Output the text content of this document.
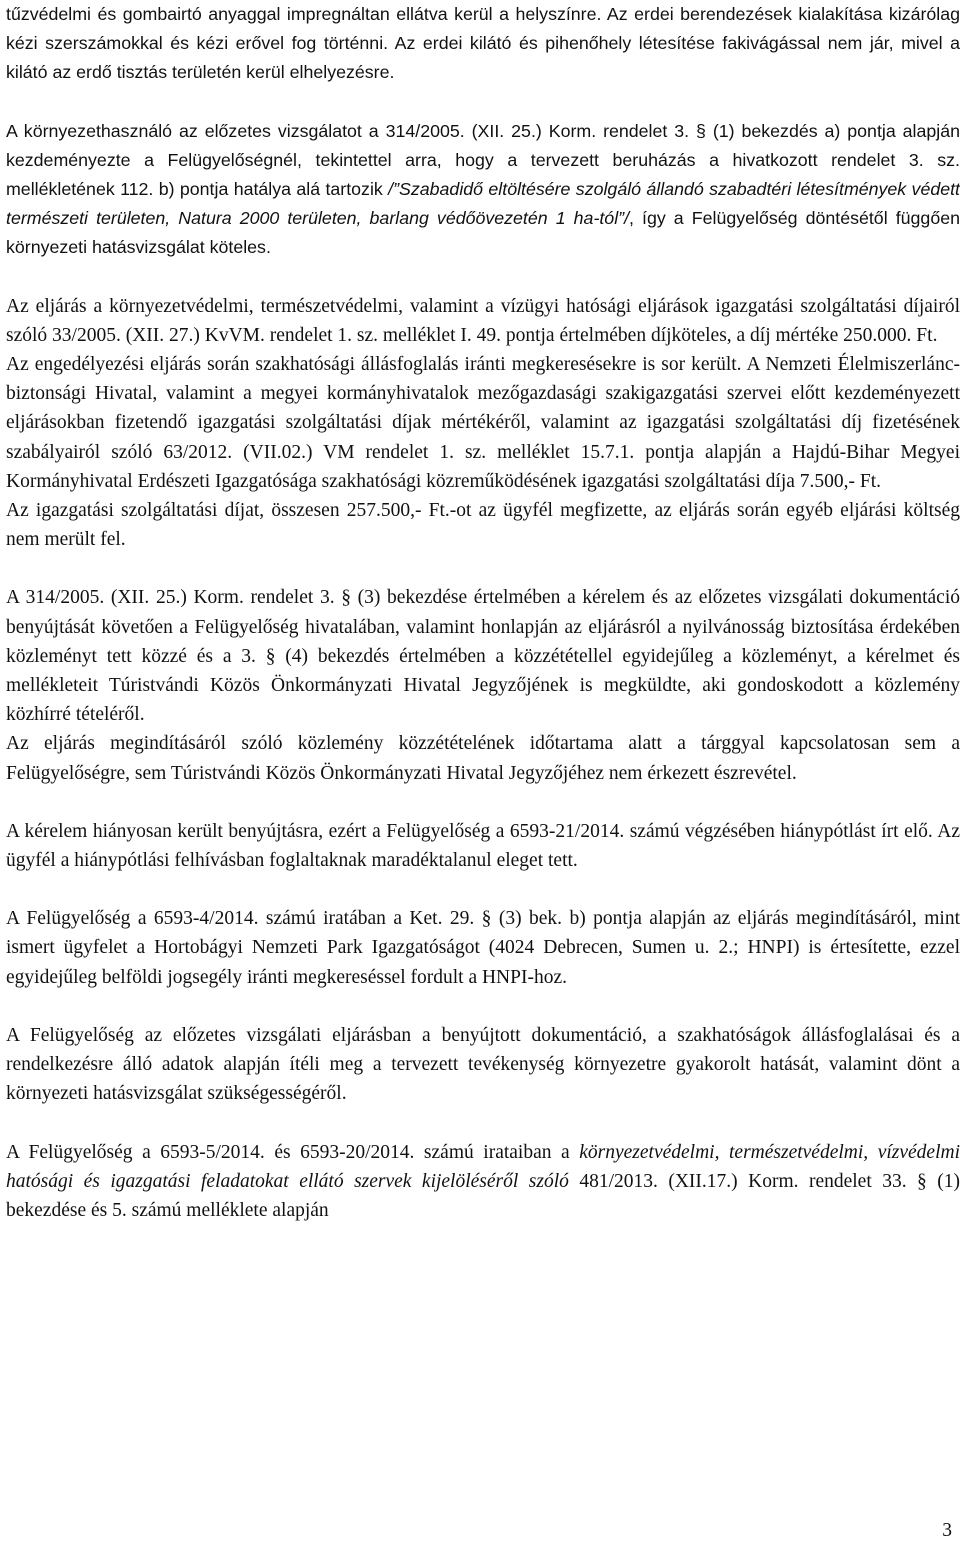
tűzvédelmi és gombairtó anyaggal impregnáltan ellátva kerül a helyszínre. Az erdei berendezések kialakítása kizárólag kézi szerszámokkal és kézi erővel fog történni. Az erdei kilátó és pihenőhely létesítése fakivágással nem jár, mivel a kilátó az erdő tisztás területén kerül elhelyezésre.

A környezethasználó az előzetes vizsgálatot a 314/2005. (XII. 25.) Korm. rendelet 3. § (1) bekezdés a) pontja alapján kezdeményezte a Felügyelőségnél, tekintettel arra, hogy a tervezett beruházás a hivatkozott rendelet 3. sz. mellékletének 112. b) pontja hatálya alá tartozik /”Szabadidő eltöltésére szolgáló állandó szabadtéri létesítmények védett természeti területen, Natura 2000 területen, barlang védőövezetén 1 ha-tól”/, így a Felügyelőség döntésétől függően környezeti hatásvizsgálat köteles.

Az eljárás a környezetvédelmi, természetvédelmi, valamint a vízügyi hatósági eljárások igazgatási szolgáltatási díjairól szóló 33/2005. (XII. 27.) KvVM. rendelet 1. sz. melléklet I. 49. pontja értelmében díjköteles, a díj mértéke 250.000. Ft.

Az engedélyezési eljárás során szakhatósági állásfoglalás iránti megkeresésekre is sor került. A Nemzeti Élelmiszerlánc-biztonsági Hivatal, valamint a megyei kormányhivatalok mezőgazdasági szakigazgatási szervei előtt kezdeményezett eljárásokban fizetendő igazgatási szolgáltatási díjak mértékéről, valamint az igazgatási szolgáltatási díj fizetésének szabályairól szóló 63/2012. (VII.02.) VM rendelet 1. sz. melléklet 15.7.1. pontja alapján a Hajdú-Bihar Megyei Kormányhivatal Erdészeti Igazgatósága szakhatósági közreműködésének igazgatási szolgáltatási díja 7.500,- Ft.

Az igazgatási szolgáltatási díjat, összesen 257.500,- Ft.-ot az ügyfél megfizette, az eljárás során egyéb eljárási költség nem merült fel.

A 314/2005. (XII. 25.) Korm. rendelet 3. § (3) bekezdése értelmében a kérelem és az előzetes vizsgálati dokumentáció benyújtását követően a Felügyelőség hivatalában, valamint honlapján az eljárásról a nyilvánosság biztosítása érdekében közleményt tett közzé és a 3. § (4) bekezdés értelmében a közzététellel egyidejűleg a közleményt, a kérelmet és mellékleteit Túristvándi Közös Önkormányzati Hivatal Jegyzőjének is megküldte, aki gondoskodott a közlemény közhírré tételéről.

Az eljárás megindításáról szóló közlemény közzétételének időtartama alatt a tárggyal kapcsolatosan sem a Felügyelőségre, sem Túristvándi Közös Önkormányzati Hivatal Jegyzőjéhez nem érkezett észrevétel.

A kérelem hiányosan került benyújtásra, ezért a Felügyelőség a 6593-21/2014. számú végzésében hiánypótlást írt elő. Az ügyfél a hiánypótlási felhívásban foglaltaknak maradéktalanul eleget tett.

A Felügyelőség a 6593-4/2014. számú iratában a Ket. 29. § (3) bek. b) pontja alapján az eljárás megindításáról, mint ismert ügyfelet a Hortobágyi Nemzeti Park Igazgatóságot (4024 Debrecen, Sumen u. 2.; HNPI) is értesítette, ezzel egyidejűleg belföldi jogsegély iránti megkereséssel fordult a HNPI-hoz.

A Felügyelőség az előzetes vizsgálati eljárásban a benyújtott dokumentáció, a szakhatóságok állásfoglalásai és a rendelkezésre álló adatok alapján ítéli meg a tervezett tevékenység környezetre gyakorolt hatását, valamint dönt a környezeti hatásvizsgálat szükségességéről.

A Felügyelőség a 6593-5/2014. és 6593-20/2014. számú irataiban a környezetvédelmi, természetvédelmi, vízvédelmi hatósági és igazgatási feladatokat ellátó szervek kijelöléséről szóló 481/2013. (XII.17.) Korm. rendelet 33. § (1) bekezdése és 5. számú melléklete alapján

3
